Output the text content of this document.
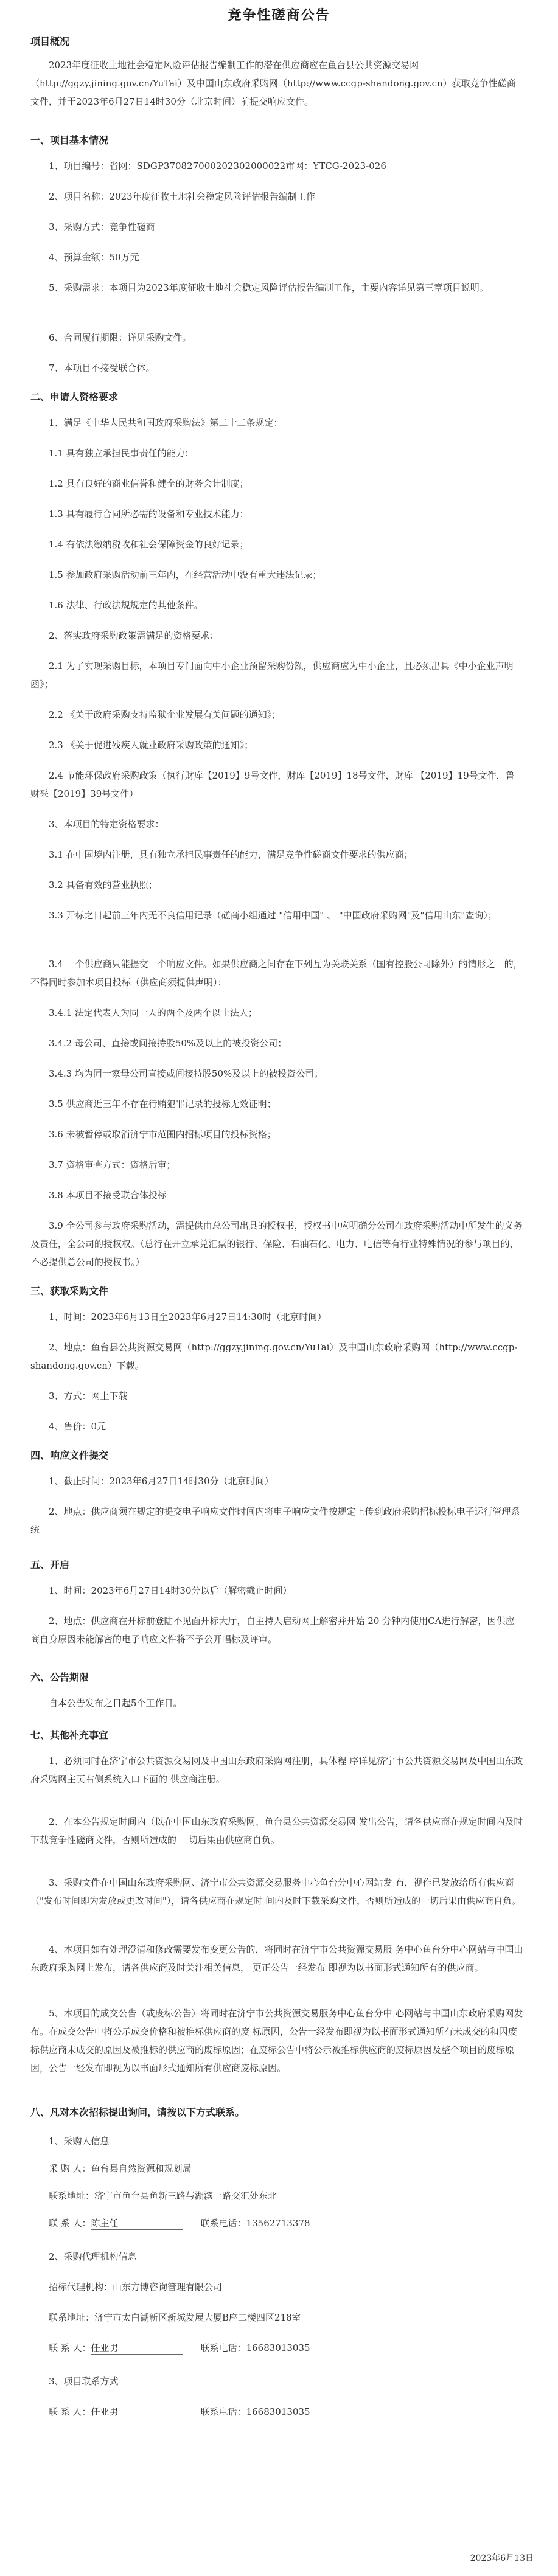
竞争性磋商公告
项目概况
2023年度征收土地社会稳定风险评估报告编制工作的潜在供应商应在鱼台县公共资源交易网（http://ggzy.jining.gov.cn/YuTai）及中国山东政府采购网（http://www.ccgp-shandong.gov.cn）获取竞争性磋商文件，并于2023年6月27日14时30分（北京时间）前提交响应文件。
一、项目基本情况
1、项目编号：省网：SDGP370827000202302000022市网：YTCG-2023-026
2、项目名称：2023年度征收土地社会稳定风险评估报告编制工作
3、采购方式：竞争性磋商
4、预算金额：50万元
5、采购需求：本项目为2023年度征收土地社会稳定风险评估报告编制工作，主要内容详见第三章项目说明。
6、合同履行期限：详见采购文件。
7、本项目不接受联合体。
二、申请人资格要求
1、满足《中华人民共和国政府采购法》第二十二条规定：
1.1 具有独立承担民事责任的能力；
1.2 具有良好的商业信誉和健全的财务会计制度；
1.3 具有履行合同所必需的设备和专业技术能力；
1.4 有依法缴纳税收和社会保障资金的良好记录；
1.5 参加政府采购活动前三年内，在经营活动中没有重大违法记录；
1.6 法律、行政法规规定的其他条件。
2、落实政府采购政策需满足的资格要求：
2.1 为了实现采购目标，本项目专门面向中小企业预留采购份额，供应商应为中小企业，且必须出具《中小企业声明函》；
2.2 《关于政府采购支持监狱企业发展有关问题的通知》；
2.3 《关于促进残疾人就业政府采购政策的通知》；
2.4 节能环保政府采购政策（执行财库【2019】9号文件，财库【2019】18号文件，财库 【2019】19号文件，鲁财采【2019】39号文件）
3、本项目的特定资格要求：
3.1 在中国境内注册，具有独立承担民事责任的能力，满足竞争性磋商文件要求的供应商；
3.2 具备有效的营业执照；
3.3 开标之日起前三年内无不良信用记录（磋商小组通过 "信用中国" 、 "中国政府采购网"及"信用山东"查询）；
3.4 一个供应商只能提交一个响应文件。如果供应商之间存在下列互为关联关系（国有控股公司除外）的情形之一的，不得同时参加本项目投标（供应商须提供声明）：
3.4.1 法定代表人为同一人的两个及两个以上法人；
3.4.2 母公司、直接或间接持股50%及以上的被投资公司；
3.4.3 均为同一家母公司直接或间接持股50%及以上的被投资公司；
3.5 供应商近三年不存在行贿犯罪记录的投标无效证明；
3.6 未被暂停或取消济宁市范围内招标项目的投标资格；
3.7 资格审查方式：资格后审；
3.8 本项目不接受联合体投标
3.9 全公司参与政府采购活动，需提供由总公司出具的授权书，授权书中应明确分公司在政府采购活动中所发生的义务及责任，全公司的授权权。（总行在开立承兑汇票的银行、保险、石油石化、电力、电信等有行业特殊情况的参与项目的，不必提供总公司的授权书。）
三、获取采购文件
1、时间：2023年6月13日至2023年6月27日14:30时（北京时间）
2、地点：鱼台县公共资源交易网（http://ggzy.jining.gov.cn/YuTai）及中国山东政府采购网（http://www.ccgp-shandong.gov.cn）下载。
3、方式：网上下载
4、售价：0元
四、响应文件提交
1、截止时间：2023年6月27日14时30分（北京时间）
2、地点：供应商须在规定的提交电子响应文件时间内将电子响应文件按规定上传到政府采购招标投标电子运行管理系统
五、开启
1、时间：2023年6月27日14时30分以后（解密截止时间）
2、地点：供应商在开标前登陆不见面开标大厅，自主持人启动网上解密并开始 20 分钟内使用CA进行解密，因供应商自身原因未能解密的电子响应文件将不予公开唱标及评审。
六、公告期限
自本公告发布之日起5个工作日。
七、其他补充事宜
1、必须同时在济宁市公共资源交易网及中国山东政府采购网注册，具体程 序详见济宁市公共资源交易网及中国山东政府采购网主页右侧系统入口下面的 供应商注册。
2、在本公告规定时间内（以在中国山东政府采购网、鱼台县公共资源交易网 发出公告，请各供应商在规定时间内及时下载竞争性磋商文件，否则所造成的 一切后果由供应商自负。
3、采购文件在中国山东政府采购网、济宁市公共资源交易服务中心鱼台分中心网站发 布，视作已发放给所有供应商（"发布时间即为发放或更改时间"），请各供应商在规定时 间内及时下载采购文件，否则所造成的一切后果由供应商自负。
4、本项目如有处理澄清和修改需要发布变更公告的，将同时在济宁市公共资源交易服 务中心鱼台分中心网站与中国山东政府采购网上发布，请各供应商及时关注相关信息， 更正公告一经发布 即视为以书面形式通知所有的供应商。
5、本项目的成交公告（或废标公告）将同时在济宁市公共资源交易服务中心鱼台分中 心网站与中国山东政府采购网发布。在成交公告中将公示成交价格和被推标供应商的废 标原因，公告一经发布即视为以书面形式通知所有未成交的和因废标供应商未成交的原因及被推标的供应商的废标原因；在废标公告中将公示被推标供应商的废标原因及整个项目的废标原因，公告一经发布即视为以书面形式通知所有供应商废标原因。
八、凡对本次招标提出询问，请按以下方式联系。
1、采购人信息
采 购 人：鱼台县自然资源和规划局
联系地址：济宁市鱼台县鱼新三路与湖滨一路交汇处东北
联 系 人：陈主任  	联系电话：13562713378
2、采购代理机构信息
招标代理机构：山东方博咨询管理有限公司
联系地址：济宁市太白湖新区新城发展大厦B座二楼四区218室
联 系 人：任亚男  	联系电话：16683013035
3、项目联系方式
联 系 人：任亚男  	联系电话：16683013035
2023年6月13日
